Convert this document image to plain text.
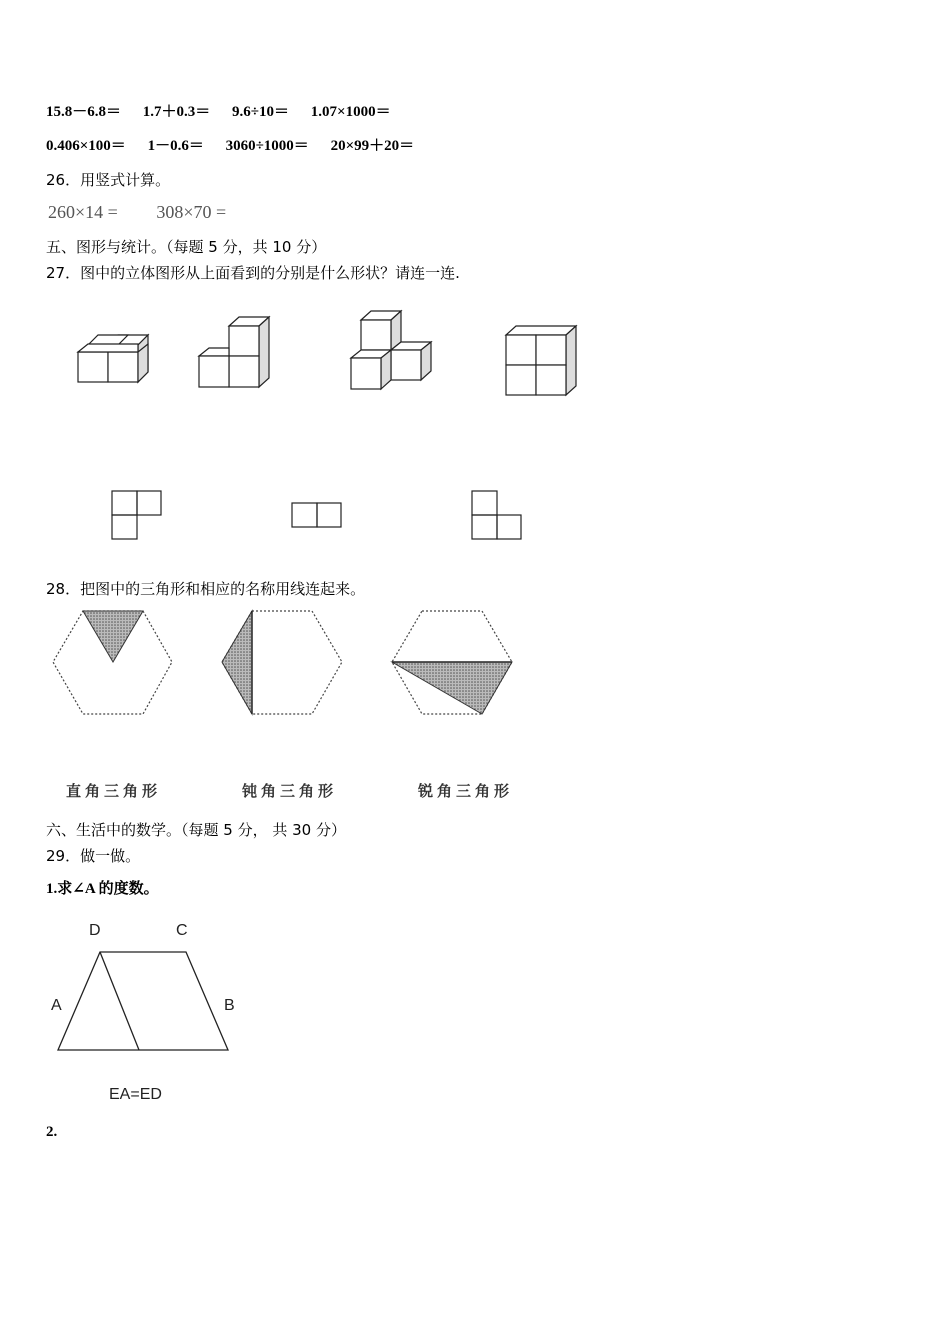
15.8－6.8＝ 1.7＋0.3＝ 9.6÷10＝ 1.07×1000＝
0.406×100＝ 1－0.6＝ 3060÷1000＝ 20×99＋20＝
26．用竖式计算。
260×14 = 308×70 =
五、图形与统计。（每题 5 分，共 10 分）
27．图中的立体图形从上面看到的分别是什么形状？请连一连.
28．把图中的三角形和相应的名称用线连起来。
直角三角形	钝角三角形	锐角三角形
六、生活中的数学。（每题 5 分， 共 30 分）
29．做一做。
1.求∠A 的度数。
D	C
A	B
EA=ED
2.
